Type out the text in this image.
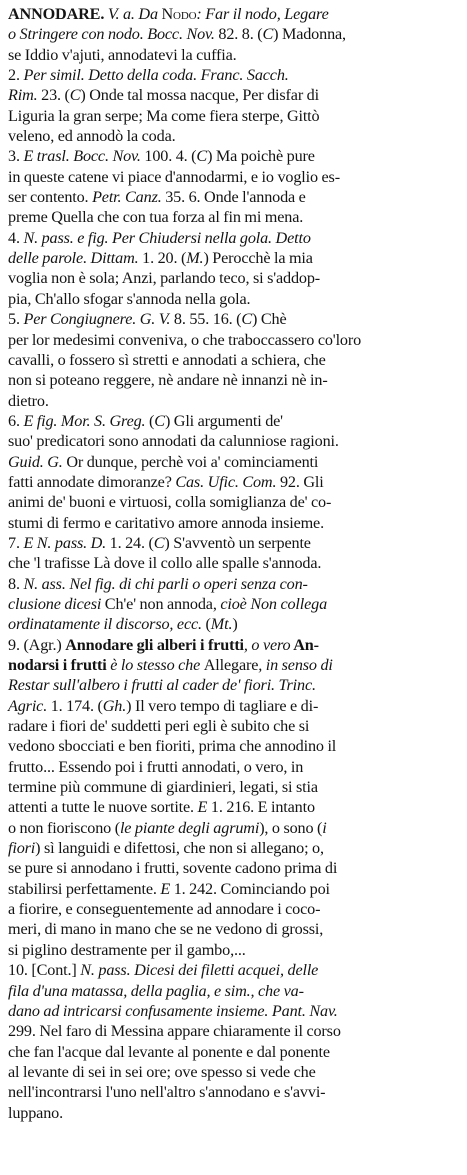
ANNODARE. V. a. Da Nodo: Far il nodo, Legare
o Stringere con nodo. Bocc. Nov. 82. 8. (C) Madonna,
se Iddio v'ajuti, annodatevi la cuffia.
2. Per simil. Detto della coda. Franc. Sacch.
Rim. 23. (C) Onde tal mossa nacque, Per disfar di
Liguria la gran serpe; Ma come fiera sterpe, Gittò
veleno, ed annodò la coda.
3. E trasl. Bocc. Nov. 100. 4. (C) Ma poichè pure
in queste catene vi piace d'annodarmi, e io voglio es-
ser contento. Petr. Canz. 35. 6. Onde l'annoda e
preme Quella che con tua forza al fin mi mena.
4. N. pass. e fig. Per Chiudersi nella gola. Detto
delle parole. Dittam. 1. 20. (M.) Perocchè la mia
voglia non è sola; Anzi, parlando teco, si s'addop-
pia, Ch'allo sfogar s'annoda nella gola.
5. Per Congiugnere. G. V. 8. 55. 16. (C) Chè
per lor medesimi conveniva, o che traboccassero co'loro
cavalli, o fossero sì stretti e annodati a schiera, che
non si poteano reggere, nè andare nè innanzi nè in-
dietro.
6. E fig. Mor. S. Greg. (C) Gli argumenti de'
suo' predicatori sono annodati da calunniose ragioni.
Guid. G. Or dunque, perchè voi a' cominciamenti
fatti annodate dimoranze? Cas. Ufic. Com. 92. Gli
animi de' buoni e virtuosi, colla somiglianza de' co-
stumi di fermo e caritativo amore annoda insieme.
7. E N. pass. D. 1. 24. (C) S'avventò un serpente
che 'l trafisse Là dove il collo alle spalle s'annoda.
8. N. ass. Nel fig. di chi parli o operi senza con-
clusione dicesi Ch'e' non annoda, cioè Non collega
ordinatamente il discorso, ecc. (Mt.)
9. (Agr.) Annodare gli alberi i frutti, o vero An-
nodarsi i frutti è lo stesso che Allegare, in senso di
Restar sull'albero i frutti al cader de' fiori. Trinc.
Agric. 1. 174. (Gh.) Il vero tempo di tagliare e di-
radare i fiori de' suddetti peri egli è subito che si
vedono sbocciati e ben fioriti, prima che annodino il
frutto... Essendo poi i frutti annodati, o vero, in
termine più commune di giardinieri, legati, si stia
attenti a tutte le nuove sortite. E 1. 216. E intanto
o non fioriscono (le piante degli agrumi), o sono (i
fiori) sì languidi e difettosi, che non si allegano; o,
se pure si annodano i frutti, sovente cadono prima di
stabilirsi perfettamente. E 1. 242. Cominciando poi
a fiorire, e conseguentemente ad annodare i coco-
meri, di mano in mano che se ne vedono di grossi,
si piglino destramente per il gambo,...
10. [Cont.] N. pass. Dicesi dei filetti acquei, delle
fila d'una matassa, della paglia, e sim., che va-
dano ad intricarsi confusamente insieme. Pant. Nav.
299. Nel faro di Messina appare chiaramente il corso
che fan l'acque dal levante al ponente e dal ponente
al levante di sei in sei ore; ove spesso si vede che
nell'incontrarsi l'uno nell'altro s'annodano e s'avvi-
luppano.
